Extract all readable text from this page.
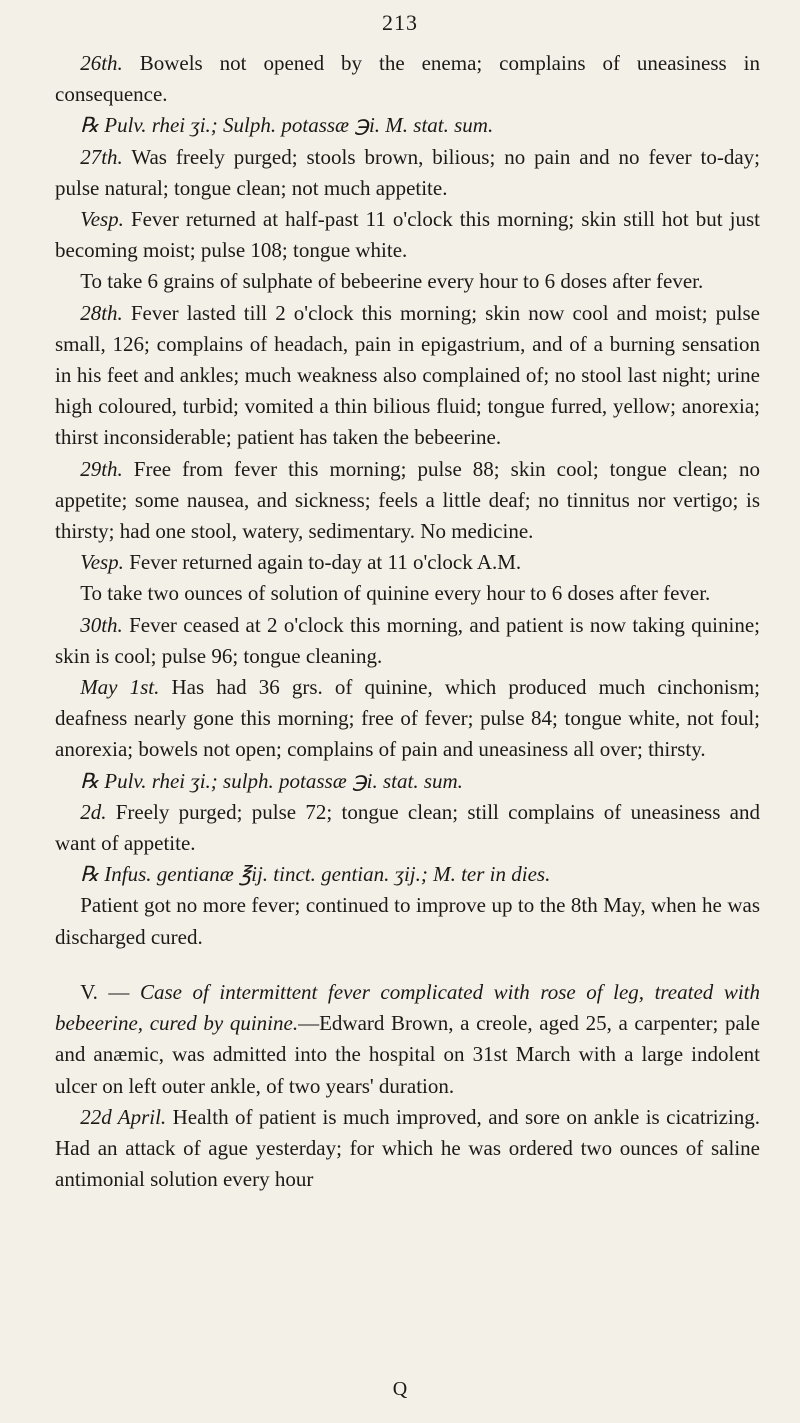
213

26th. Bowels not opened by the enema; complains of uneasiness in consequence.

℞ Pulv. rhei ʒi.; Sulph. potassæ ℈i. M. stat. sum.

27th. Was freely purged; stools brown, bilious; no pain and no fever to-day; pulse natural; tongue clean; not much appetite.

Vesp. Fever returned at half-past 11 o'clock this morning; skin still hot but just becoming moist; pulse 108; tongue white.

To take 6 grains of sulphate of bebeerine every hour to 6 doses after fever.

28th. Fever lasted till 2 o'clock this morning; skin now cool and moist; pulse small, 126; complains of headach, pain in epigastrium, and of a burning sensation in his feet and ankles; much weakness also complained of; no stool last night; urine high coloured, turbid; vomited a thin bilious fluid; tongue furred, yellow; anorexia; thirst inconsiderable; patient has taken the bebeerine.

29th. Free from fever this morning; pulse 88; skin cool; tongue clean; no appetite; some nausea, and sickness; feels a little deaf; no tinnitus nor vertigo; is thirsty; had one stool, watery, sedimentary. No medicine.

Vesp. Fever returned again to-day at 11 o'clock A.M.

To take two ounces of solution of quinine every hour to 6 doses after fever.

30th. Fever ceased at 2 o'clock this morning, and patient is now taking quinine; skin is cool; pulse 96; tongue cleaning.

May 1st. Has had 36 grs. of quinine, which produced much cinchonism; deafness nearly gone this morning; free of fever; pulse 84; tongue white, not foul; anorexia; bowels not open; complains of pain and uneasiness all over; thirsty.

℞ Pulv. rhei ʒi.; sulph. potassæ ℈i. stat. sum.

2d. Freely purged; pulse 72; tongue clean; still complains of uneasiness and want of appetite.

℞ Infus. gentianæ ℥ij. tinct. gentian. ʒij.; M. ter in dies.

Patient got no more fever; continued to improve up to the 8th May, when he was discharged cured.

V. — Case of intermittent fever complicated with rose of leg, treated with bebeerine, cured by quinine.—Edward Brown, a creole, aged 25, a carpenter; pale and anæmic, was admitted into the hospital on 31st March with a large indolent ulcer on left outer ankle, of two years' duration.

22d April. Health of patient is much improved, and sore on ankle is cicatrizing. Had an attack of ague yesterday; for which he was ordered two ounces of saline antimonial solution every hour

Q
